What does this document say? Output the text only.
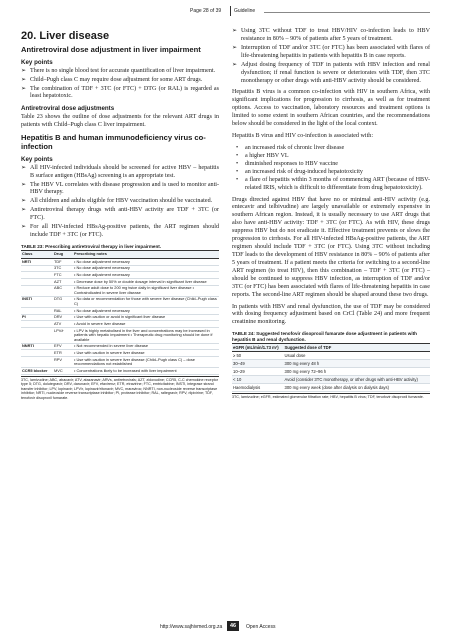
Page 28 of 39	Guideline
20. Liver disease
Antiretroviral dose adjustment in liver impairment
Key points
➢ There is no single blood test for accurate quantification of liver impairment.
➢ Child–Pugh class C may require dose adjustment for some ART drugs.
➢ The combination of TDF + 3TC (or FTC) + DTG (or RAL) is regarded as least hepatotoxic.
Antiretroviral dose adjustments

Table 23 shows the outline of dose adjustments for the relevant ART drugs in patients with Child–Pugh class C liver impairment.

Hepatitis B and human immunodeficiency virus co-infection
Key points
➢ All HIV-infected individuals should be screened for active HBV – hepatitis B surface antigen (HBsAg) screening is an appropriate test.
➢ The HBV VL correlates with disease progression and is used to monitor anti-HBV therapy.
➢ All children and adults eligible for HBV vaccination should be vaccinated.
➢ Antiretroviral therapy drugs with anti-HBV activity are TDF + 3TC (or FTC).
➢ For all HIV-infected HBsAg-positive patients, the ART regimen should include TDF + 3TC (or FTC).
TABLE 23: Prescribing antiretroviral therapy in liver impairment.
Class	Drug	Prescribing notes
NRTI	TDF	• No dose adjustment necessary
	3TC	• No dose adjustment necessary
	FTC	• No dose adjustment necessary
	AZT	• Decrease dose by 50% or double dosage interval in significant liver disease
	ABC	• Reduce adult dose to 200 mg twice daily in significant liver disease • Contraindicated in severe liver disease
INSTI	DTG	• No data or recommendation for those with severe liver disease (Child–Pugh class C)
	RAL	• No dose adjustment necessary
PI	DRV	• Use with caution or avoid in significant liver disease
	ATV	• Avoid in severe liver disease
	LPV/r	• LPV is highly metabolised in the liver and concentrations may be increased in patients with hepatic impairment • Therapeutic drug monitoring should be done if available
NNRTI	EFV	• Not recommended in severe liver disease
	ETR	• Use with caution in severe liver disease
	RPV	• Use with caution in severe liver disease (Child–Pugh class C) – dose recommendations not established
CCR5 blocker	MVC	• Concentrations likely to be increased with liver impairment
3TC, lamivudine; ABC, abacavir; ATV, atazanavir; ARVs, antiretrovirals; AZT, zidovudine; CCR5, C-C chemokine receptor type 5; DTG, dolutegravir; DRV, darunavir; EFV, efavirenz; ETR, etravirine; FTC, emtricitabine; INSTI, integrase strand transfer inhibitor; LPV, lopinavir; LPV/r, lopinavir/ritonavir; MVC, maraviroc; NNRTI, non-nucleoside reverse transcriptase inhibitor; NRTI, nucleoside reverse transcriptase inhibitor; PI, protease inhibitor; RAL, raltegravir; RPV, rilpivirine; TDF, tenofovir disoproxil fumarate.
➢ Using 3TC without TDF to treat HBV/HIV co-infection leads to HBV resistance in 80% – 90% of patients after 5 years of treatment.
➢ Interruption of TDF and/or 3TC (or FTC) has been associated with flares of life-threatening hepatitis in patients with hepatitis B in case reports.
➢ Adjust dosing frequency of TDF in patients with HBV infection and renal dysfunction; if renal function is severe or deteriorates with TDF, then 3TC monotherapy or other drugs with anti-HBV activity should be considered.

Hepatitis B virus is a common co-infection with HIV in southern Africa, with significant implications for progression to cirrhosis, as well as for treatment options. Access to vaccination, laboratory resources and treatment options is limited to some extent in southern African countries, and the recommendations below should be considered in the light of the local context.

Hepatitis B virus and HIV co-infection is associated with:

• an increased risk of chronic liver disease
• a higher HBV VL
• diminished responses to HBV vaccine
• an increased risk of drug-induced hepatotoxicity
• a flare of hepatitis within 3 months of commencing ART (because of HBV-related IRIS, which is difficult to differentiate from drug hepatotoxicity).

Drugs directed against HBV that have no or minimal anti-HIV activity (e.g. entecavir and telbivudine) are largely unavailable or extremely expensive in southern African region. Instead, it is usually necessary to use ART drugs that also have anti-HBV activity: TDF + 3TC (or FTC). As with HIV, these drugs suppress HBV but do not eradicate it. Effective treatment prevents or slows the progression to cirrhosis. For all HIV-infected HBsAg-positive patients, the ART regimen should include TDF + 3TC (or FTC). Using 3TC without including TDF leads to the development of HBV resistance in 80% – 90% of patients after 5 years of treatment. If a patient meets the criteria for switching to a second-line ART regimen (to treat HIV), then this combination – TDF + 3TC (or FTC) – should be continued to suppress HBV infection, as interruption of TDF and/or 3TC (or FTC) has been associated with flares of life-threatening hepatitis in case reports. The second-line ART regimen should be shaped around these two drugs.

In patients with HBV and renal dysfunction, the use of TDF may be considered with dosing frequency adjustment based on CrCl (Table 24) and more frequent creatinine monitoring.

TABLE 24: Suggested tenofovir disoproxil fumarate dose adjustment in patients with hepatitis B and renal dysfunction.
eGFR (mL/min/1.73 m²)	Suggested dose of TDF
≥ 50	Usual dose
30–49	300 mg every 48 h
10–29	300 mg every 72–96 h
< 10	Avoid (consider 3TC monotherapy, or other drugs with anti-HBV activity)
Haemodialysis	300 mg every week (dose after dialysis on dialysis days)
3TC, lamivudine; eGFR, estimated glomerular filtration rate; HBV, hepatitis B virus; TDF, tenofovir disoproxil fumarate.
http://www.sajhivmed.org.za	46	Open Access
